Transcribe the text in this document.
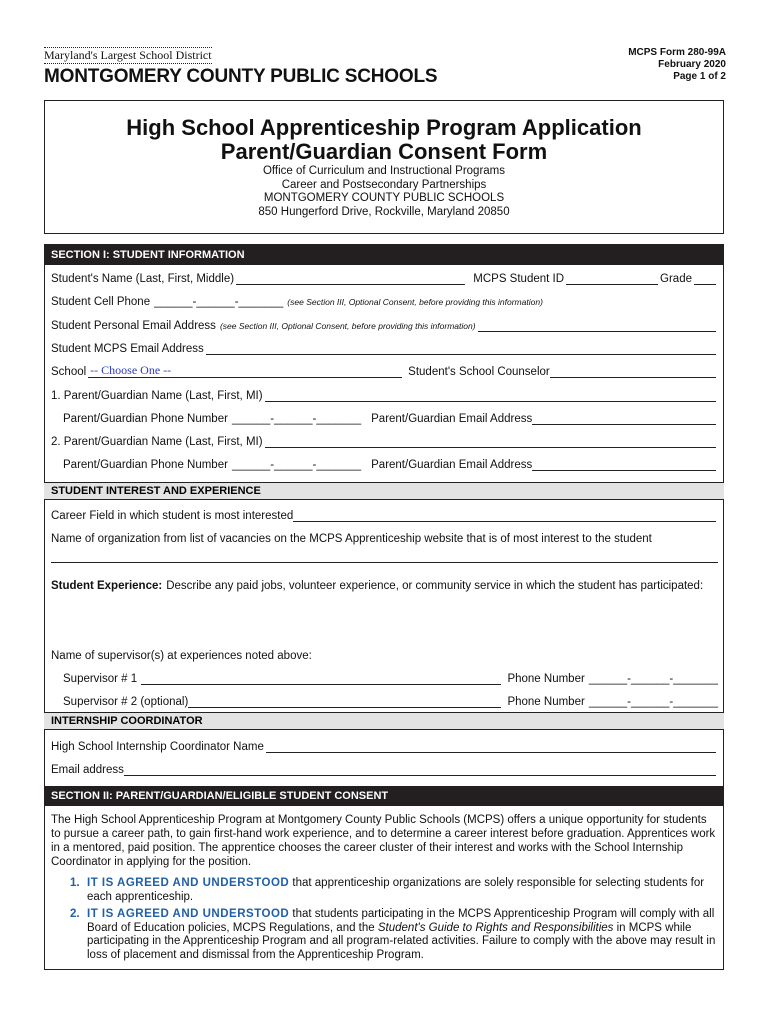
Maryland's Largest School District
MONTGOMERY COUNTY PUBLIC SCHOOLS
MCPS Form 280-99A
February 2020
Page 1 of 2
High School Apprenticeship Program Application
Parent/Guardian Consent Form
Office of Curriculum and Instructional Programs
Career and Postsecondary Partnerships
MONTGOMERY COUNTY PUBLIC SCHOOLS
850 Hungerford Drive, Rockville, Maryland 20850
SECTION I: STUDENT INFORMATION
Student's Name (Last, First, Middle)	MCPS Student ID	Grade
Student Cell Phone ______-______-_______ (see Section III, Optional Consent, before providing this information)
Student Personal Email Address (see Section III, Optional Consent, before providing this information)
Student MCPS Email Address
School -- Choose One --	Student's School Counselor
1. Parent/Guardian Name (Last, First, MI)
Parent/Guardian Phone Number ______-______-_______ Parent/Guardian Email Address
2. Parent/Guardian Name (Last, First, MI)
Parent/Guardian Phone Number ______-______-_______ Parent/Guardian Email Address
STUDENT INTEREST AND EXPERIENCE
Career Field in which student is most interested
Name of organization from list of vacancies on the MCPS Apprenticeship website that is of most interest to the student
Student Experience: Describe any paid jobs, volunteer experience, or community service in which the student has participated:
Name of supervisor(s) at experiences noted above:
Supervisor # 1	Phone Number ______-______-_______
Supervisor # 2 (optional)	Phone Number ______-______-_______
INTERNSHIP COORDINATOR
High School Internship Coordinator Name
Email address
SECTION II: PARENT/GUARDIAN/ELIGIBLE STUDENT CONSENT
The High School Apprenticeship Program at Montgomery County Public Schools (MCPS) offers a unique opportunity for students to pursue a career path, to gain first-hand work experience, and to determine a career interest before graduation. Apprentices work in a mentored, paid position. The apprentice chooses the career cluster of their interest and works with the School Internship Coordinator in applying for the position.
1. IT IS AGREED AND UNDERSTOOD that apprenticeship organizations are solely responsible for selecting students for each apprenticeship.
2. IT IS AGREED AND UNDERSTOOD that students participating in the MCPS Apprenticeship Program will comply with all Board of Education policies, MCPS Regulations, and the Student's Guide to Rights and Responsibilities in MCPS while participating in the Apprenticeship Program and all program-related activities. Failure to comply with the above may result in loss of placement and dismissal from the Apprenticeship Program.
